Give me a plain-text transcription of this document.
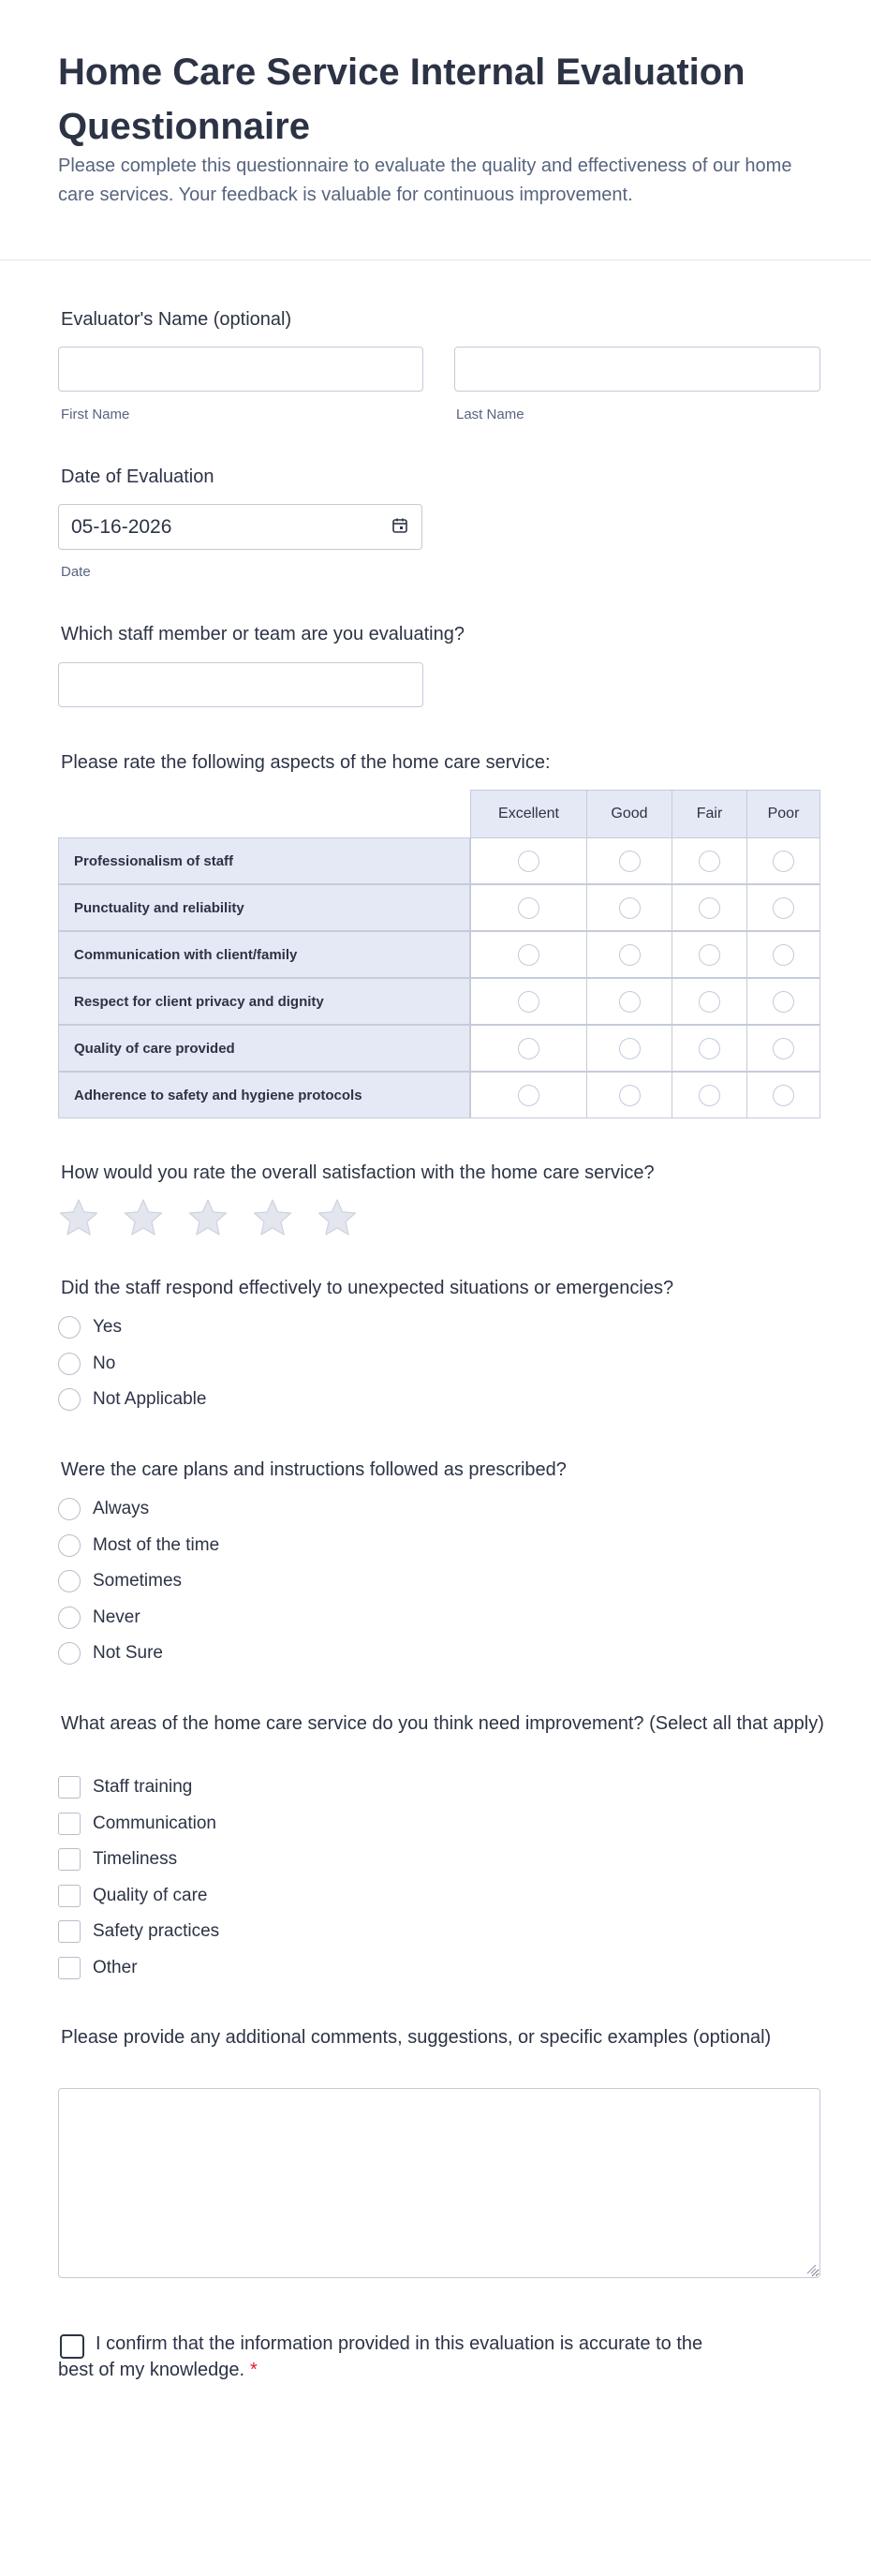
Home Care Service Internal Evaluation Questionnaire

Please complete this questionnaire to evaluate the quality and effectiveness of our home care services. Your feedback is valuable for continuous improvement.

Evaluator's Name (optional)
First Name	Last Name
Date of Evaluation
05-16-2026
Date
Which staff member or team are you evaluating?
Please rate the following aspects of the home care service:
Excellent	Good	Fair	Poor
Professionalism of staff
Punctuality and reliability
Communication with client/family
Respect for client privacy and dignity
Quality of care provided
Adherence to safety and hygiene protocols
How would you rate the overall satisfaction with the home care service?
Did the staff respond effectively to unexpected situations or emergencies?
Yes
No
Not Applicable
Were the care plans and instructions followed as prescribed?
Always
Most of the time
Sometimes
Never
Not Sure
What areas of the home care service do you think need improvement? (Select all that apply)
Staff training
Communication
Timeliness
Quality of care
Safety practices
Other
Please provide any additional comments, suggestions, or specific examples (optional)
I confirm that the information provided in this evaluation is accurate to the best of my knowledge. *
